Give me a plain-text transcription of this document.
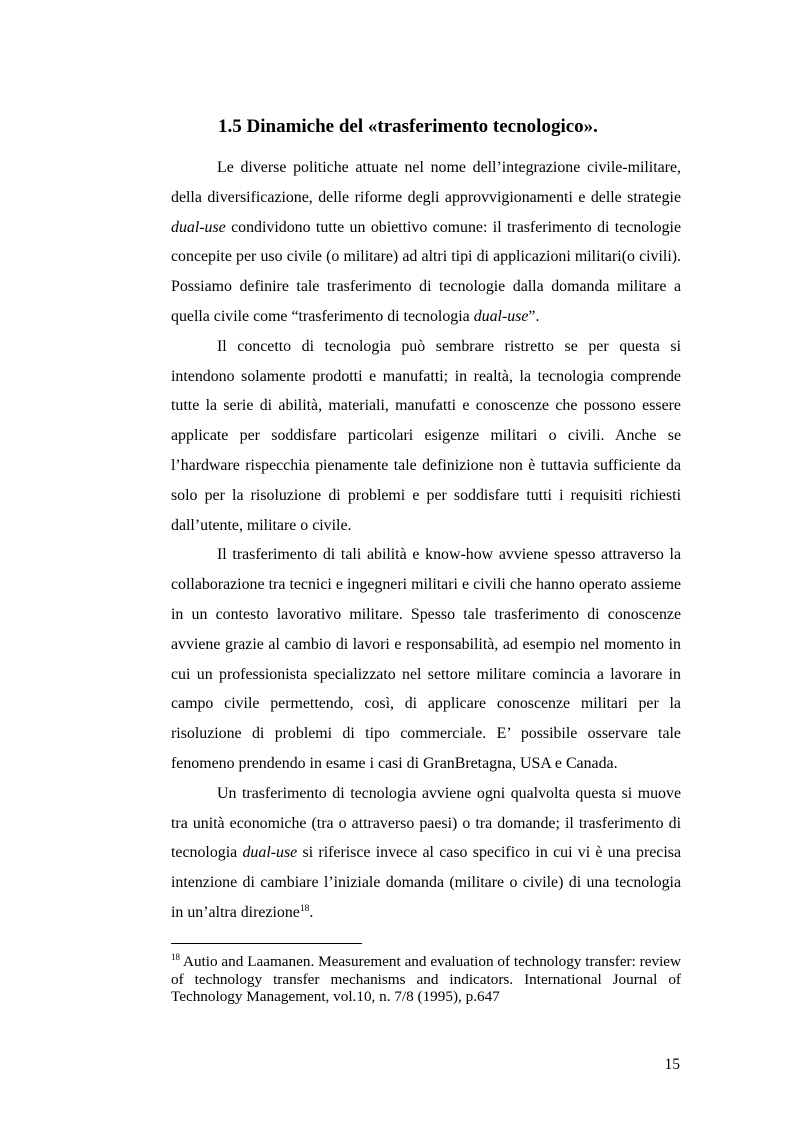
1.5 Dinamiche del «trasferimento tecnologico».

Le diverse politiche attuate nel nome dell’integrazione civile-militare, della diversificazione, delle riforme degli approvvigionamenti e delle strategie dual-use condividono tutte un obiettivo comune: il trasferimento di tecnologie concepite per uso civile (o militare) ad altri tipi di applicazioni militari(o civili). Possiamo definire tale trasferimento di tecnologie dalla domanda militare a quella civile come “trasferimento di tecnologia dual-use”.

Il concetto di tecnologia può sembrare ristretto se per questa si intendono solamente prodotti e manufatti; in realtà, la tecnologia comprende tutte la serie di abilità, materiali, manufatti e conoscenze che possono essere applicate per soddisfare particolari esigenze militari o civili. Anche se l’hardware rispecchia pienamente tale definizione non è tuttavia sufficiente da solo per la risoluzione di problemi e per soddisfare tutti i requisiti richiesti dall’utente, militare o civile.

Il trasferimento di tali abilità e know-how avviene spesso attraverso la collaborazione tra tecnici e ingegneri militari e civili che hanno operato assieme in un contesto lavorativo militare. Spesso tale trasferimento di conoscenze avviene grazie al cambio di lavori e responsabilità, ad esempio nel momento in cui un professionista specializzato nel settore militare comincia a lavorare in campo civile permettendo, così, di applicare conoscenze militari per la risoluzione di problemi di tipo commerciale. E’ possibile osservare tale fenomeno prendendo in esame i casi di GranBretagna, USA e Canada.

Un trasferimento di tecnologia avviene ogni qualvolta questa si muove tra unità economiche (tra o attraverso paesi) o tra domande; il trasferimento di tecnologia dual-use si riferisce invece al caso specifico in cui vi è una precisa intenzione di cambiare l’iniziale domanda (militare o civile) di una tecnologia in un’altra direzione$^{18}$.

$^{18}$ Autio and Laamanen. Measurement and evaluation of technology transfer: review of technology transfer mechanisms and indicators. International Journal of Technology Management, vol.10, n. 7/8 (1995), p.647

15
